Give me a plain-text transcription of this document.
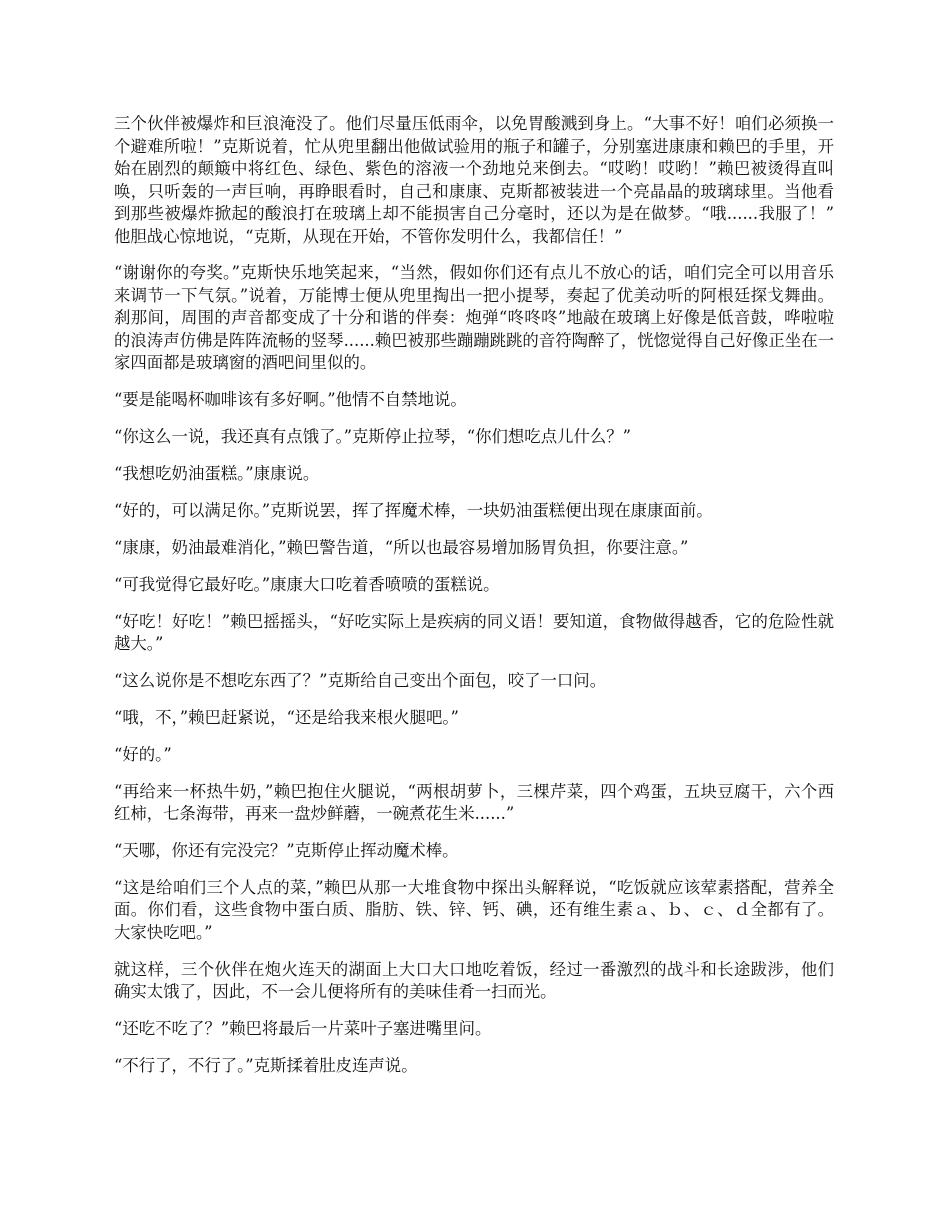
三个伙伴被爆炸和巨浪淹没了。他们尽量压低雨伞，以免胃酸溅到身上。“大事不好！咱们必须换一个避难所啦！”克斯说着，忙从兜里翻出他做试验用的瓶子和罐子，分别塞进康康和赖巴的手里，开始在剧烈的颠簸中将红色、绿色、紫色的溶液一个劲地兑来倒去。“哎哟！哎哟！”赖巴被烫得直叫唤，只听轰的一声巨响，再睁眼看时，自己和康康、克斯都被装进一个亮晶晶的玻璃球里。当他看到那些被爆炸掀起的酸浪打在玻璃上却不能损害自己分毫时，还以为是在做梦。“哦......我服了！”他胆战心惊地说，“克斯，从现在开始，不管你发明什么，我都信任！”

“谢谢你的夸奖。”克斯快乐地笑起来，“当然，假如你们还有点儿不放心的话，咱们完全可以用音乐来调节一下气氛。”说着，万能博士便从兜里掏出一把小提琴，奏起了优美动听的阿根廷探戈舞曲。刹那间，周围的声音都变成了十分和谐的伴奏：炮弹“咚咚咚”地敲在玻璃上好像是低音鼓，哗啦啦的浪涛声仿佛是阵阵流畅的竖琴......赖巴被那些蹦蹦跳跳的音符陶醉了，恍惚觉得自己好像正坐在一家四面都是玻璃窗的酒吧间里似的。

“要是能喝杯咖啡该有多好啊。”他情不自禁地说。

“你这么一说，我还真有点饿了。”克斯停止拉琴，“你们想吃点儿什么？”

“我想吃奶油蛋糕。”康康说。

“好的，可以满足你。”克斯说罢，挥了挥魔术棒，一块奶油蛋糕便出现在康康面前。

“康康，奶油最难消化，”赖巴警告道，“所以也最容易增加肠胃负担，你要注意。”

“可我觉得它最好吃。”康康大口吃着香喷喷的蛋糕说。

“好吃！好吃！”赖巴摇摇头，“好吃实际上是疾病的同义语！要知道，食物做得越香，它的危险性就越大。”

“这么说你是不想吃东西了？”克斯给自己变出个面包，咬了一口问。

“哦，不，”赖巴赶紧说，“还是给我来根火腿吧。”

“好的。”

“再给来一杯热牛奶，”赖巴抱住火腿说，“两根胡萝卜，三棵芹菜，四个鸡蛋，五块豆腐干，六个西红柿，七条海带，再来一盘炒鲜蘑，一碗煮花生米......”

“天哪，你还有完没完？”克斯停止挥动魔术棒。

“这是给咱们三个人点的菜，”赖巴从那一大堆食物中探出头解释说，“吃饭就应该荤素搭配，营养全面。你们看，这些食物中蛋白质、脂肪、铁、锌、钙、碘，还有维生素ａ、ｂ、ｃ、ｄ全都有了。大家快吃吧。”

就这样，三个伙伴在炮火连天的湖面上大口大口地吃着饭，经过一番激烈的战斗和长途跋涉，他们确实太饿了，因此，不一会儿便将所有的美味佳肴一扫而光。

“还吃不吃了？”赖巴将最后一片菜叶子塞进嘴里问。

“不行了，不行了。”克斯揉着肚皮连声说。
